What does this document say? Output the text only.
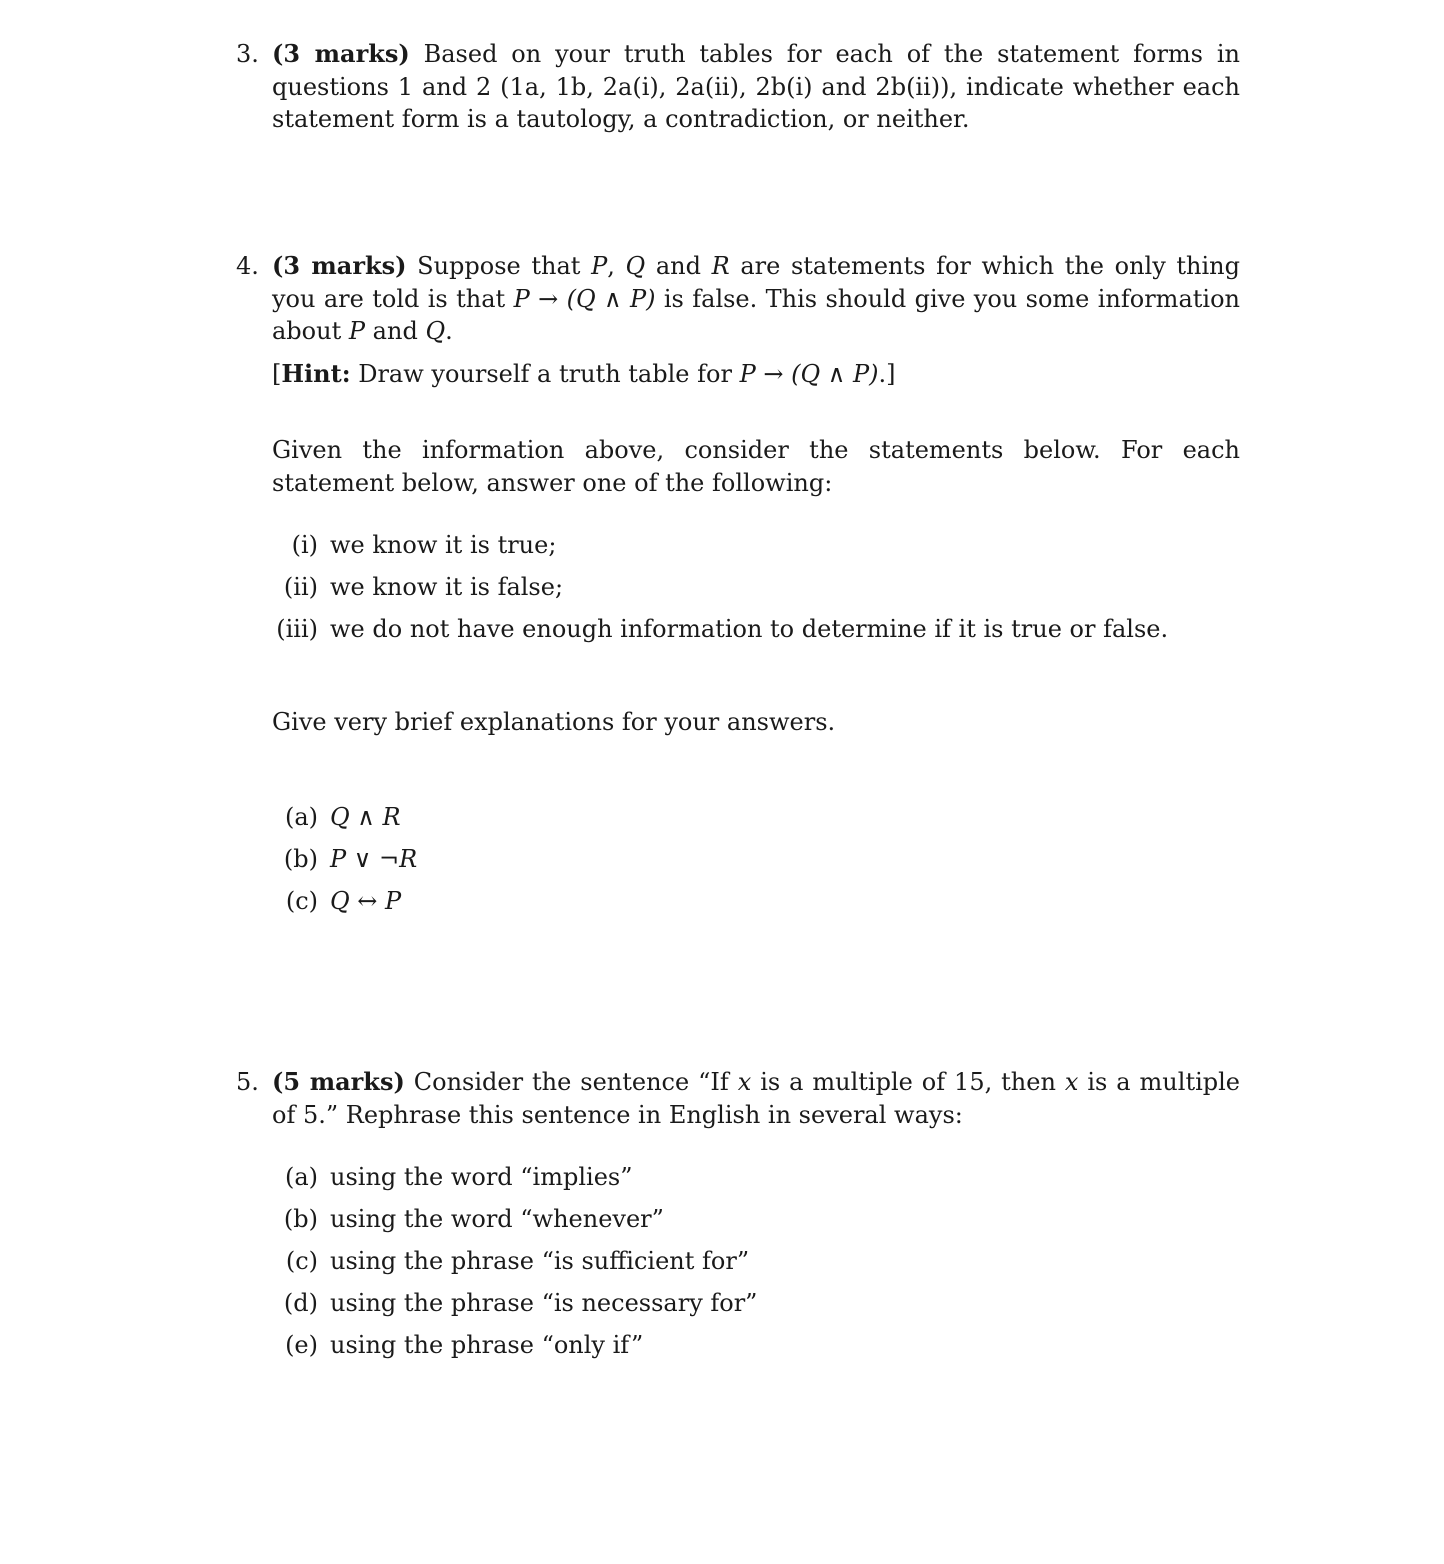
3. (3 marks) Based on your truth tables for each of the statement forms in questions 1 and 2 (1a, 1b, 2a(i), 2a(ii), 2b(i) and 2b(ii)), indicate whether each statement form is a tautology, a contradiction, or neither.
4. (3 marks) Suppose that P, Q and R are statements for which the only thing you are told is that P → (Q ∧ P) is false. This should give you some information about P and Q.
[Hint: Draw yourself a truth table for P → (Q ∧ P).]
Given the information above, consider the statements below. For each statement below, answer one of the following:
(i) we know it is true;
(ii) we know it is false;
(iii) we do not have enough information to determine if it is true or false.
Give very brief explanations for your answers.
(a) Q ∧ R
(b) P ∨ ¬R
(c) Q ↔ P
5. (5 marks) Consider the sentence “If x is a multiple of 15, then x is a multiple of 5.” Rephrase this sentence in English in several ways:
(a) using the word “implies”
(b) using the word “whenever”
(c) using the phrase “is sufficient for”
(d) using the phrase “is necessary for”
(e) using the phrase “only if”
